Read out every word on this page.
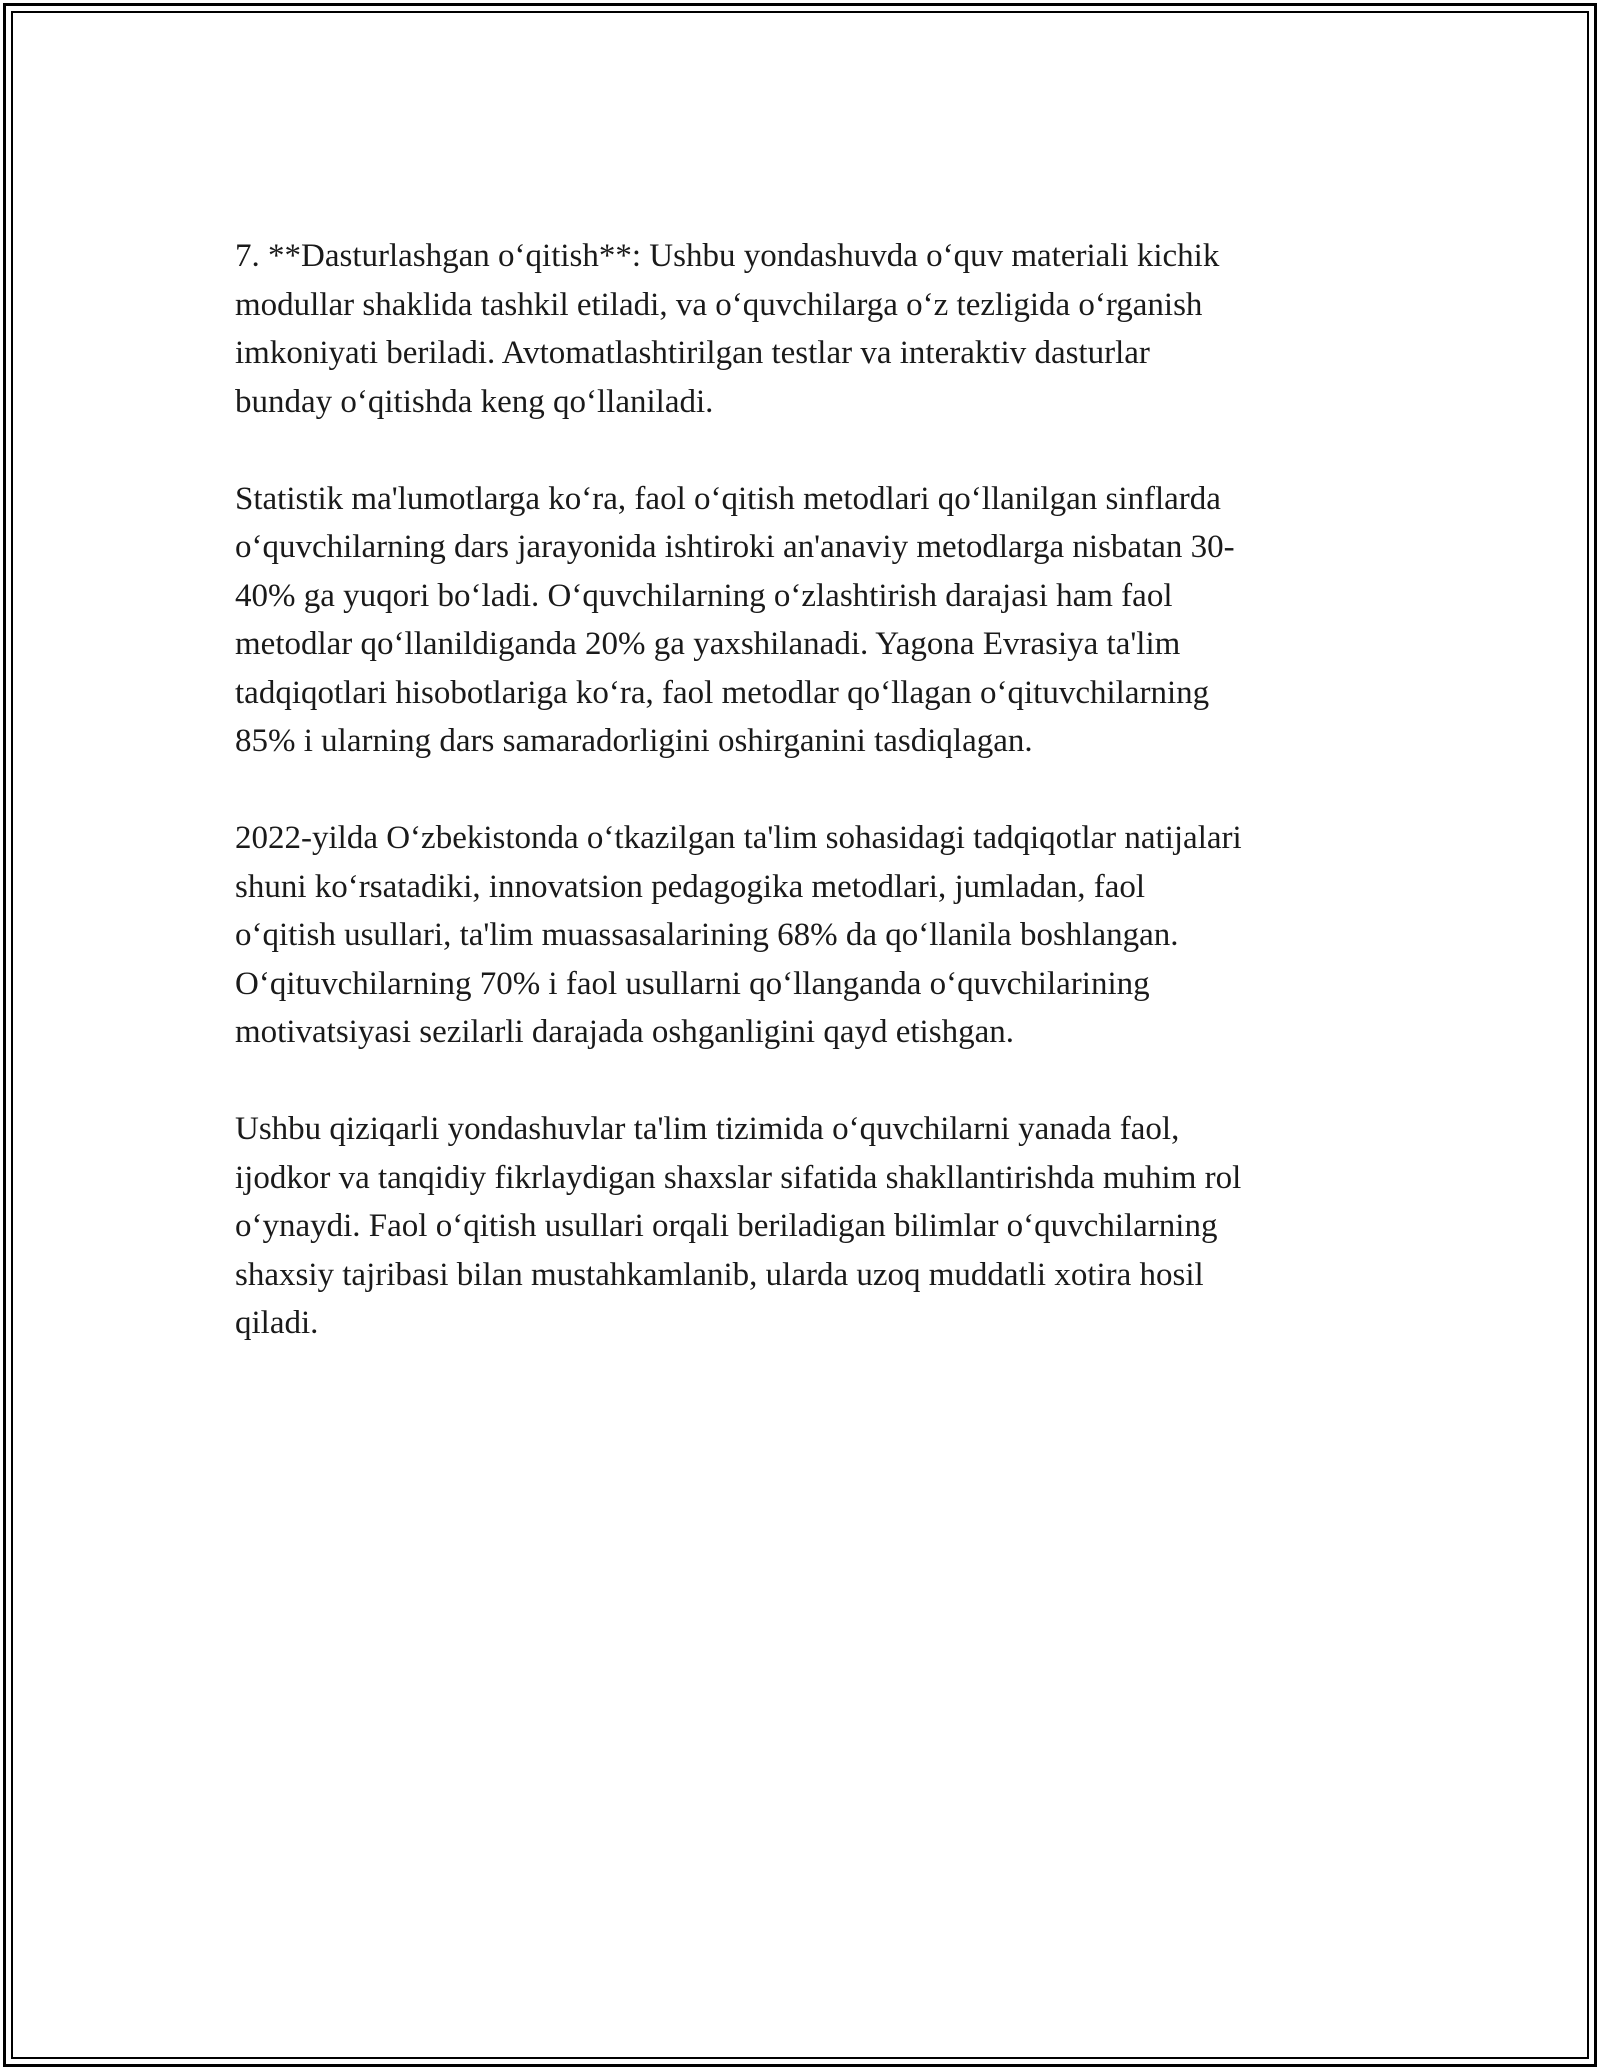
7. **Dasturlashgan o‘qitish**: Ushbu yondashuvda o‘quv materiali kichik
modullar shaklida tashkil etiladi, va o‘quvchilarga o‘z tezligida o‘rganish
imkoniyati beriladi. Avtomatlashtirilgan testlar va interaktiv dasturlar
bunday o‘qitishda keng qo‘llaniladi.

Statistik ma'lumotlarga ko‘ra, faol o‘qitish metodlari qo‘llanilgan sinflarda
o‘quvchilarning dars jarayonida ishtiroki an'anaviy metodlarga nisbatan 30-
40% ga yuqori bo‘ladi. O‘quvchilarning o‘zlashtirish darajasi ham faol
metodlar qo‘llanildiganda 20% ga yaxshilanadi. Yagona Evrasiya ta'lim
tadqiqotlari hisobotlariga ko‘ra, faol metodlar qo‘llagan o‘qituvchilarning
85% i ularning dars samaradorligini oshirganini tasdiqlagan.

2022-yilda O‘zbekistonda o‘tkazilgan ta'lim sohasidagi tadqiqotlar natijalari
shuni ko‘rsatadiki, innovatsion pedagogika metodlari, jumladan, faol
o‘qitish usullari, ta'lim muassasalarining 68% da qo‘llanila boshlangan.
O‘qituvchilarning 70% i faol usullarni qo‘llanganda o‘quvchilarining
motivatsiyasi sezilarli darajada oshganligini qayd etishgan.

Ushbu qiziqarli yondashuvlar ta'lim tizimida o‘quvchilarni yanada faol,
ijodkor va tanqidiy fikrlaydigan shaxslar sifatida shakllantirishda muhim rol
o‘ynaydi. Faol o‘qitish usullari orqali beriladigan bilimlar o‘quvchilarning
shaxsiy tajribasi bilan mustahkamlanib, ularda uzoq muddatli xotira hosil
qiladi.
